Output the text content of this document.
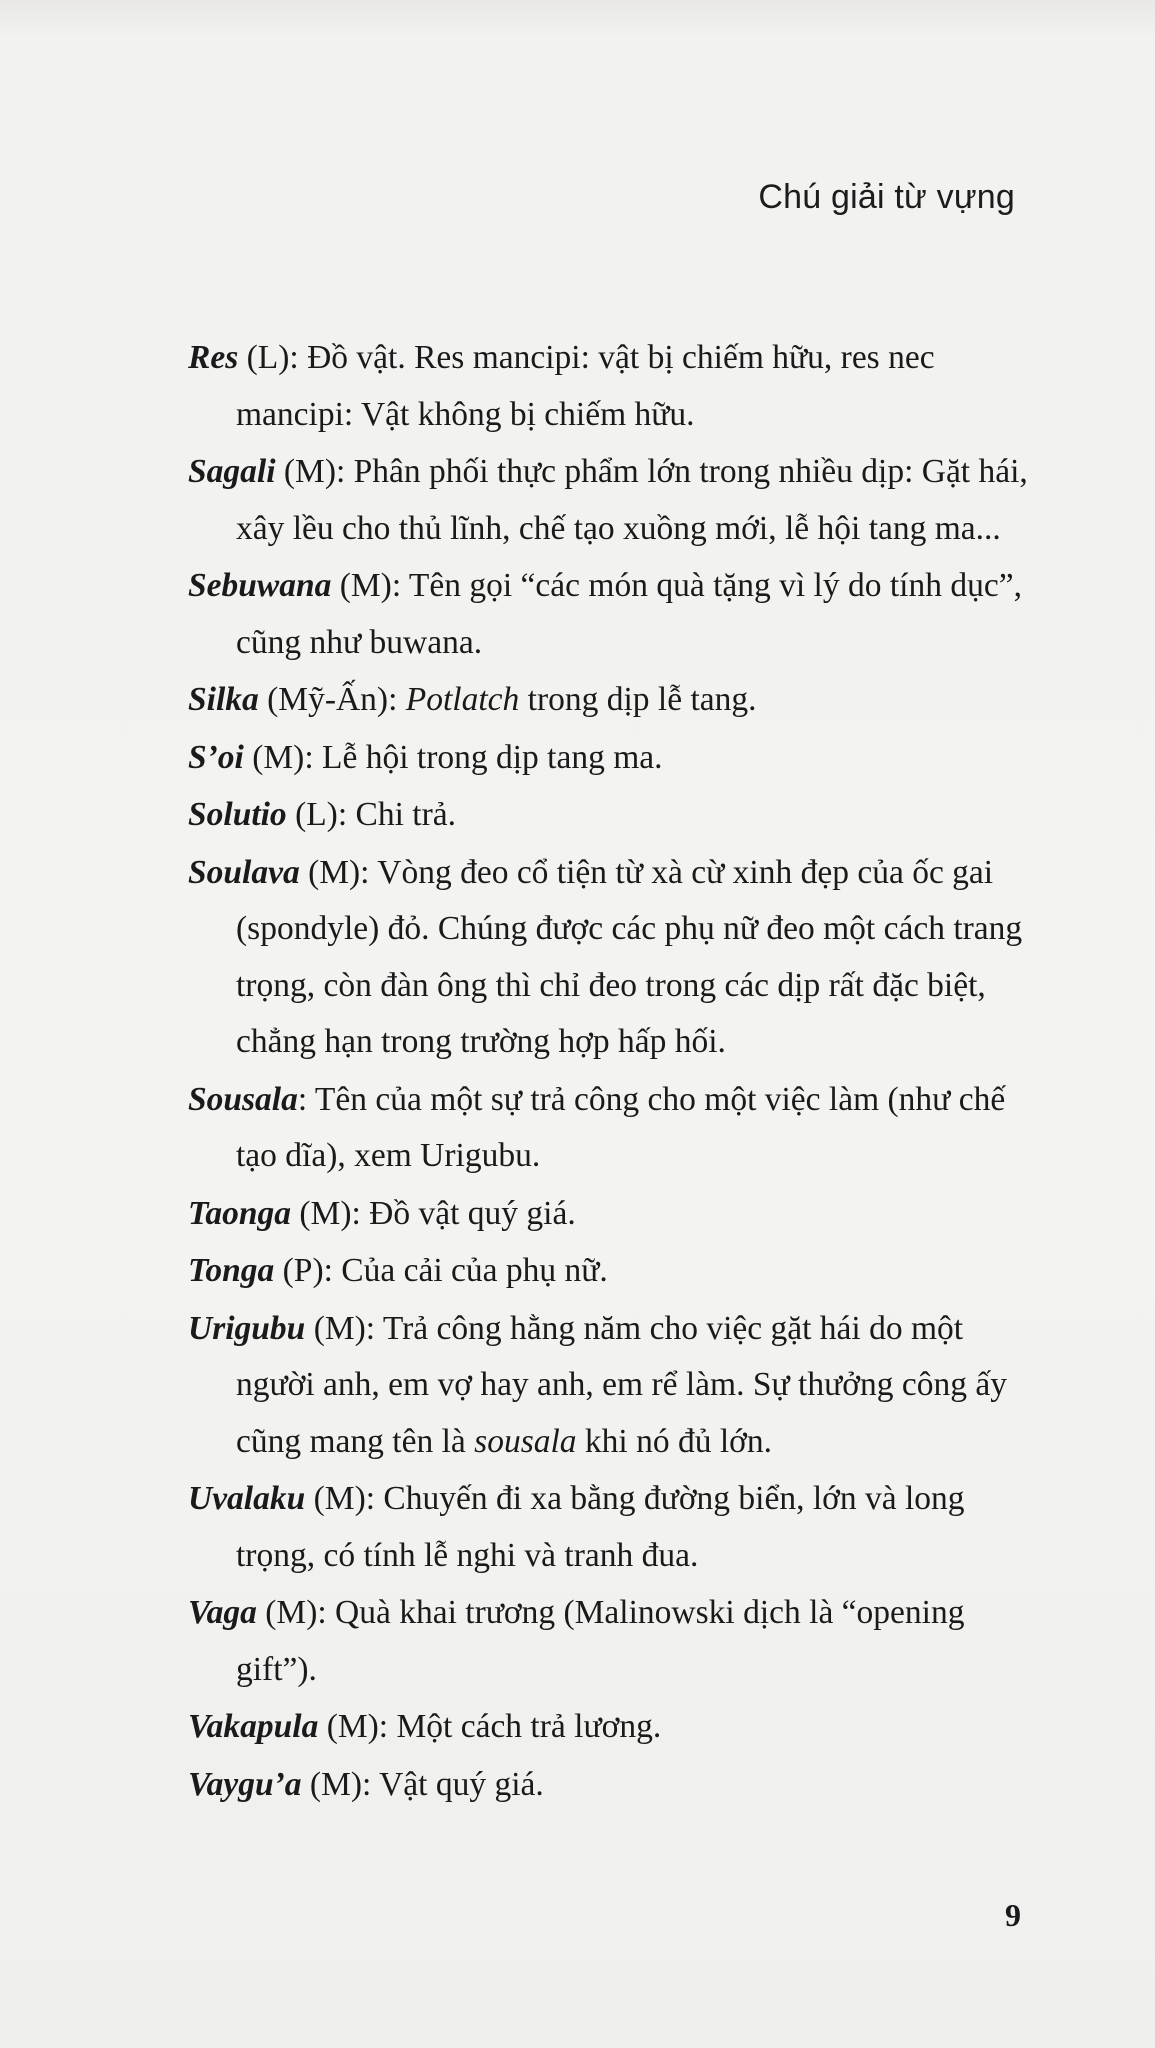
Chú giải từ vựng
Res (L): Đồ vật. Res mancipi: vật bị chiếm hữu, res nec mancipi: Vật không bị chiếm hữu.
Sagali (M): Phân phối thực phẩm lớn trong nhiều dịp: Gặt hái, xây lều cho thủ lĩnh, chế tạo xuồng mới, lễ hội tang ma...
Sebuwana (M): Tên gọi “các món quà tặng vì lý do tính dục”, cũng như buwana.
Silka (Mỹ-Ấn): Potlatch trong dịp lễ tang.
S’oi (M): Lễ hội trong dịp tang ma.
Solutio (L): Chi trả.
Soulava (M): Vòng đeo cổ tiện từ xà cừ xinh đẹp của ốc gai (spondyle) đỏ. Chúng được các phụ nữ đeo một cách trang trọng, còn đàn ông thì chỉ đeo trong các dịp rất đặc biệt, chẳng hạn trong trường hợp hấp hối.
Sousala: Tên của một sự trả công cho một việc làm (như chế tạo dĩa), xem Urigubu.
Taonga (M): Đồ vật quý giá.
Tonga (P): Của cải của phụ nữ.
Urigubu (M): Trả công hằng năm cho việc gặt hái do một người anh, em vợ hay anh, em rể làm. Sự thưởng công ấy cũng mang tên là sousala khi nó đủ lớn.
Uvalaku (M): Chuyến đi xa bằng đường biển, lớn và long trọng, có tính lễ nghi và tranh đua.
Vaga (M): Quà khai trương (Malinowski dịch là “opening gift”).
Vakapula (M): Một cách trả lương.
Vaygu’a (M): Vật quý giá.
9
